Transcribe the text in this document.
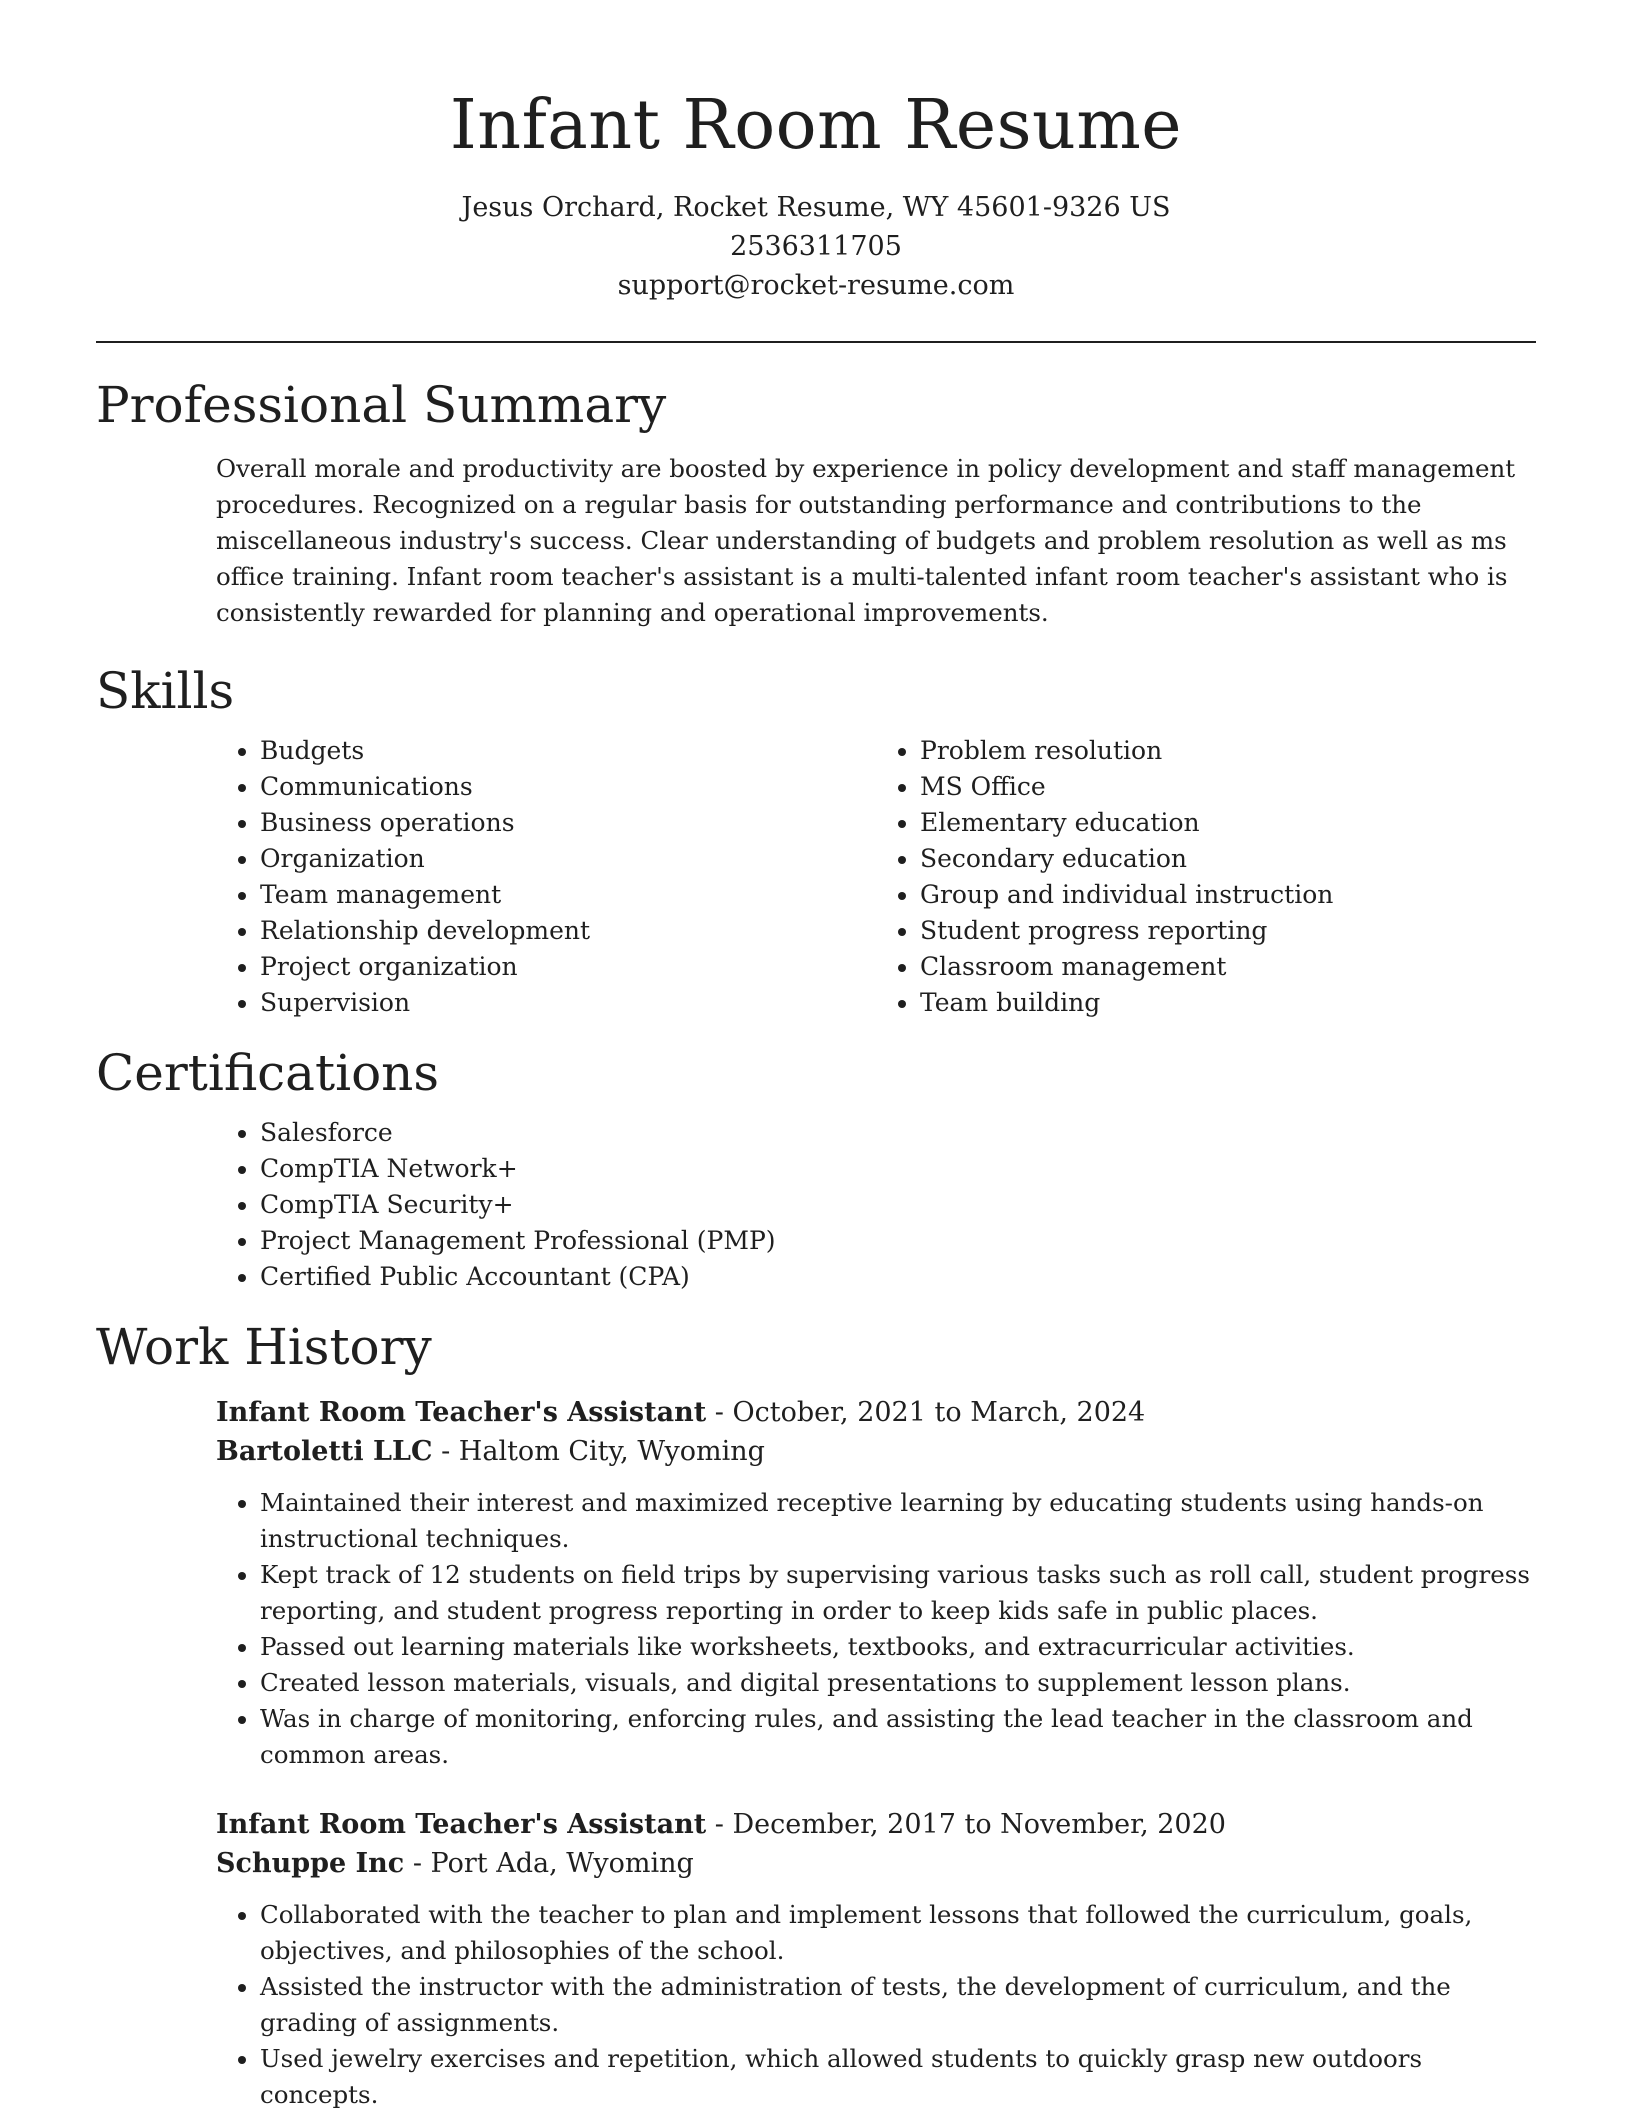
Infant Room Resume

Jesus Orchard, Rocket Resume, WY 45601-9326 US

2536311705

support@rocket-resume.com

Professional Summary

Overall morale and productivity are boosted by experience in policy development and staff management procedures. Recognized on a regular basis for outstanding performance and contributions to the miscellaneous industry's success. Clear understanding of budgets and problem resolution as well as ms office training. Infant room teacher's assistant is a multi-talented infant room teacher's assistant who is consistently rewarded for planning and operational improvements.

Skills
• Budgets
• Communications
• Business operations
• Organization
• Team management
• Relationship development
• Project organization
• Supervision
• Problem resolution
• MS Office
• Elementary education
• Secondary education
• Group and individual instruction
• Student progress reporting
• Classroom management
• Team building
Certifications
• Salesforce
• CompTIA Network+
• CompTIA Security+
• Project Management Professional (PMP)
• Certified Public Accountant (CPA)
Work History

Infant Room Teacher's Assistant - October, 2021 to March, 2024

Bartoletti LLC - Haltom City, Wyoming

• Maintained their interest and maximized receptive learning by educating students using hands-on instructional techniques.
• Kept track of 12 students on field trips by supervising various tasks such as roll call, student progress reporting, and student progress reporting in order to keep kids safe in public places.
• Passed out learning materials like worksheets, textbooks, and extracurricular activities.
• Created lesson materials, visuals, and digital presentations to supplement lesson plans.
• Was in charge of monitoring, enforcing rules, and assisting the lead teacher in the classroom and common areas.

Infant Room Teacher's Assistant - December, 2017 to November, 2020

Schuppe Inc - Port Ada, Wyoming

• Collaborated with the teacher to plan and implement lessons that followed the curriculum, goals, objectives, and philosophies of the school.
• Assisted the instructor with the administration of tests, the development of curriculum, and the grading of assignments.
• Used jewelry exercises and repetition, which allowed students to quickly grasp new outdoors concepts.
